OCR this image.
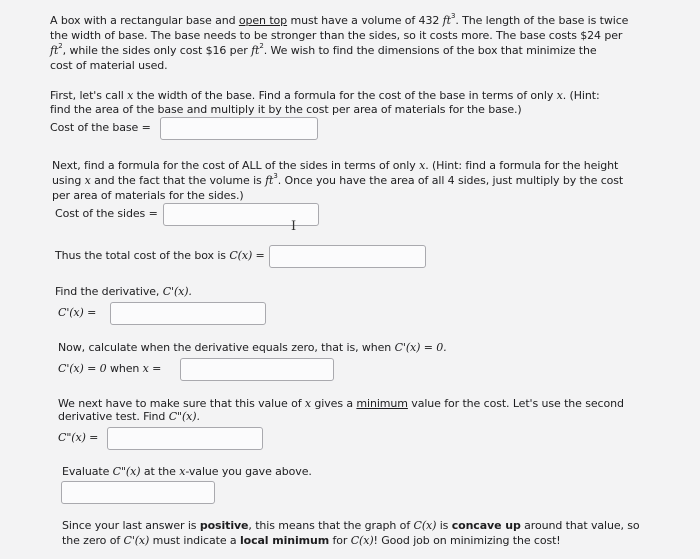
A box with a rectangular base and open top must have a volume of 432 $ft^3$. The length of the base is twice
the width of base. The base needs to be stronger than the sides, so it costs more. The base costs $24 per
$ft^2$, while the sides only cost $16 per $ft^2$. We wish to find the dimensions of the box that minimize the
cost of material used.
First, let's call x the width of the base. Find a formula for the cost of the base in terms of only x. (Hint:
find the area of the base and multiply it by the cost per area of materials for the base.)
Cost of the base =
Next, find a formula for the cost of ALL of the sides in terms of only x. (Hint: find a formula for the height
using x and the fact that the volume is $ft^3$. Once you have the area of all 4 sides, just multiply by the cost
per area of materials for the sides.)
Cost of the sides =
I
Thus the total cost of the box is C(x) =
Find the derivative, C'(x).
C'(x) =
Now, calculate when the derivative equals zero, that is, when C'(x) = 0.
C'(x) = 0 when x =
We next have to make sure that this value of x gives a minimum value for the cost. Let's use the second
derivative test. Find C"(x).
C"(x) =
Evaluate C"(x) at the x-value you gave above.
Since your last answer is positive, this means that the graph of C(x) is concave up around that value, so
the zero of C'(x) must indicate a local minimum for C(x)! Good job on minimizing the cost!
